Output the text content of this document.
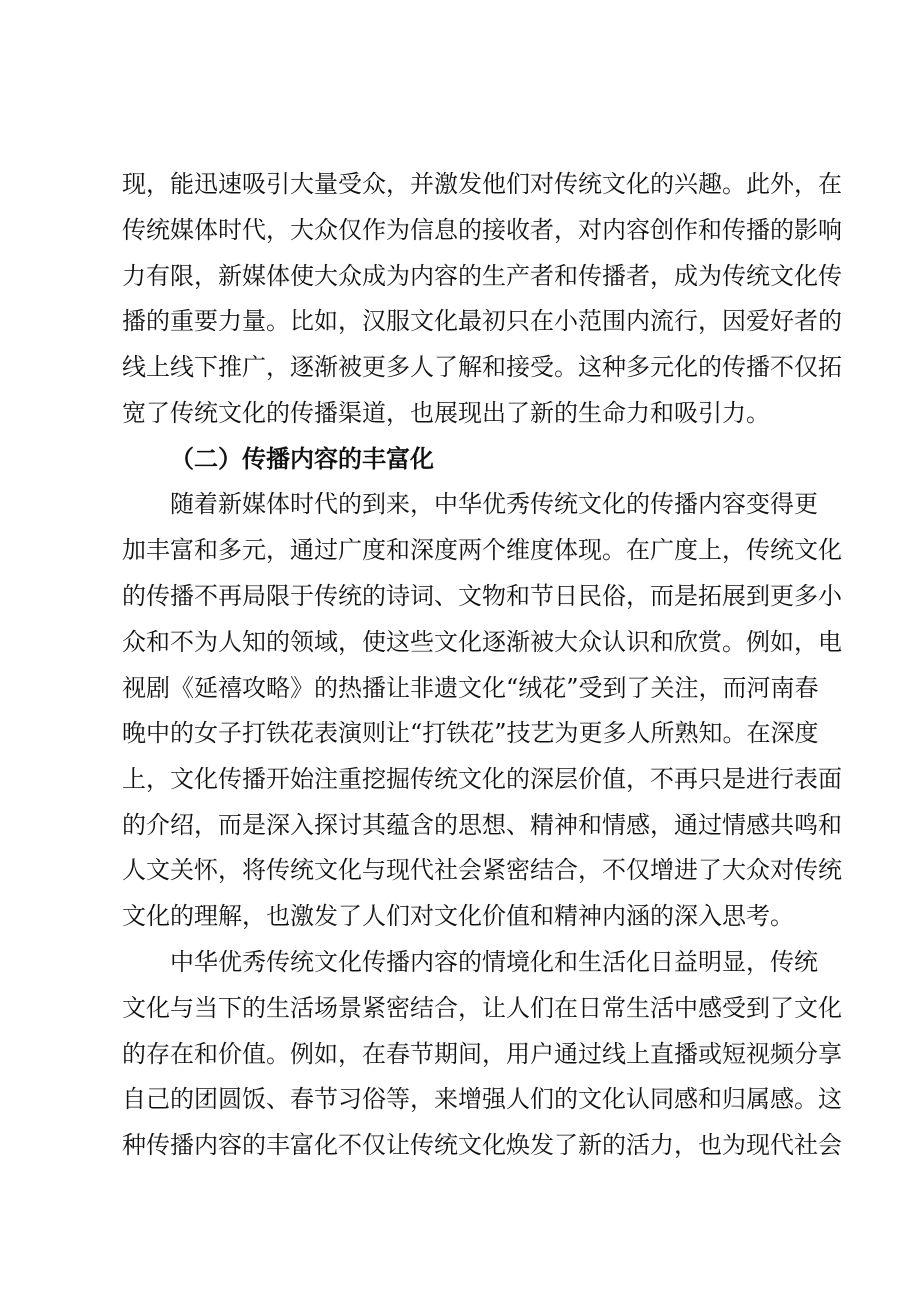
现，能迅速吸引大量受众，并激发他们对传统文化的兴趣。此外，在
传统媒体时代，大众仅作为信息的接收者，对内容创作和传播的影响
力有限，新媒体使大众成为内容的生产者和传播者，成为传统文化传
播的重要力量。比如，汉服文化最初只在小范围内流行，因爱好者的
线上线下推广，逐渐被更多人了解和接受。这种多元化的传播不仅拓
宽了传统文化的传播渠道，也展现出了新的生命力和吸引力。
（二）传播内容的丰富化
随着新媒体时代的到来，中华优秀传统文化的传播内容变得更
加丰富和多元，通过广度和深度两个维度体现。在广度上，传统文化
的传播不再局限于传统的诗词、文物和节日民俗，而是拓展到更多小
众和不为人知的领域，使这些文化逐渐被大众认识和欣赏。例如，电
视剧《延禧攻略》的热播让非遗文化“绒花”受到了关注，而河南春
晚中的女子打铁花表演则让“打铁花”技艺为更多人所熟知。在深度
上，文化传播开始注重挖掘传统文化的深层价值，不再只是进行表面
的介绍，而是深入探讨其蕴含的思想、精神和情感，通过情感共鸣和
人文关怀，将传统文化与现代社会紧密结合，不仅增进了大众对传统
文化的理解，也激发了人们对文化价值和精神内涵的深入思考。
中华优秀传统文化传播内容的情境化和生活化日益明显，传统
文化与当下的生活场景紧密结合，让人们在日常生活中感受到了文化
的存在和价值。例如，在春节期间，用户通过线上直播或短视频分享
自己的团圆饭、春节习俗等，来增强人们的文化认同感和归属感。这
种传播内容的丰富化不仅让传统文化焕发了新的活力，也为现代社会
